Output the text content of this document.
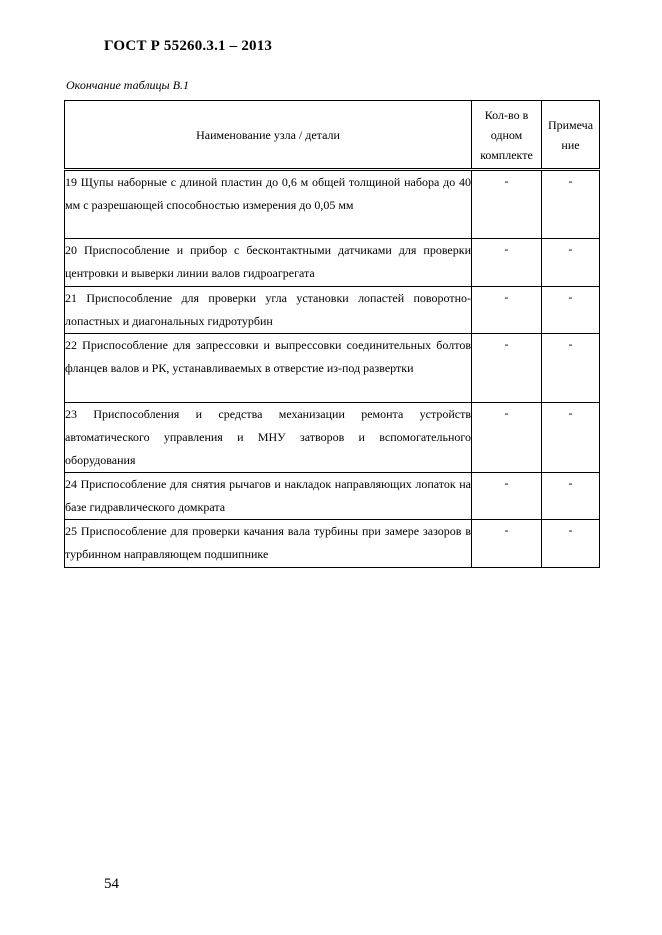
ГОСТ Р 55260.3.1 – 2013
Окончание таблицы В.1
Наименование узла / детали	Кол-во в одном комплекте	Примеча ние
19 Щупы наборные с длиной пластин до 0,6 м общей толщиной набора до 40 мм с разрешающей способностью измерения до 0,05 мм	-	-
20 Приспособление и прибор с бесконтактными датчиками для проверки центровки и выверки линии валов гидроагрегата	-	-
21 Приспособление для проверки угла установки лопастей поворотно-лопастных и диагональных гидротурбин	-	-
22 Приспособление для запрессовки и выпрессовки соединительных болтов фланцев валов и РК, устанавливаемых в отверстие из-под развертки	-	-
23 Приспособления и средства механизации ремонта устройств автоматического управления и МНУ затворов и вспомогательного оборудования	-	-
24 Приспособление для снятия рычагов и накладок направляющих лопаток на базе гидравлического домкрата	-	-
25 Приспособление для проверки качания вала турбины при замере зазоров в турбинном направляющем подшипнике	-	-
54
